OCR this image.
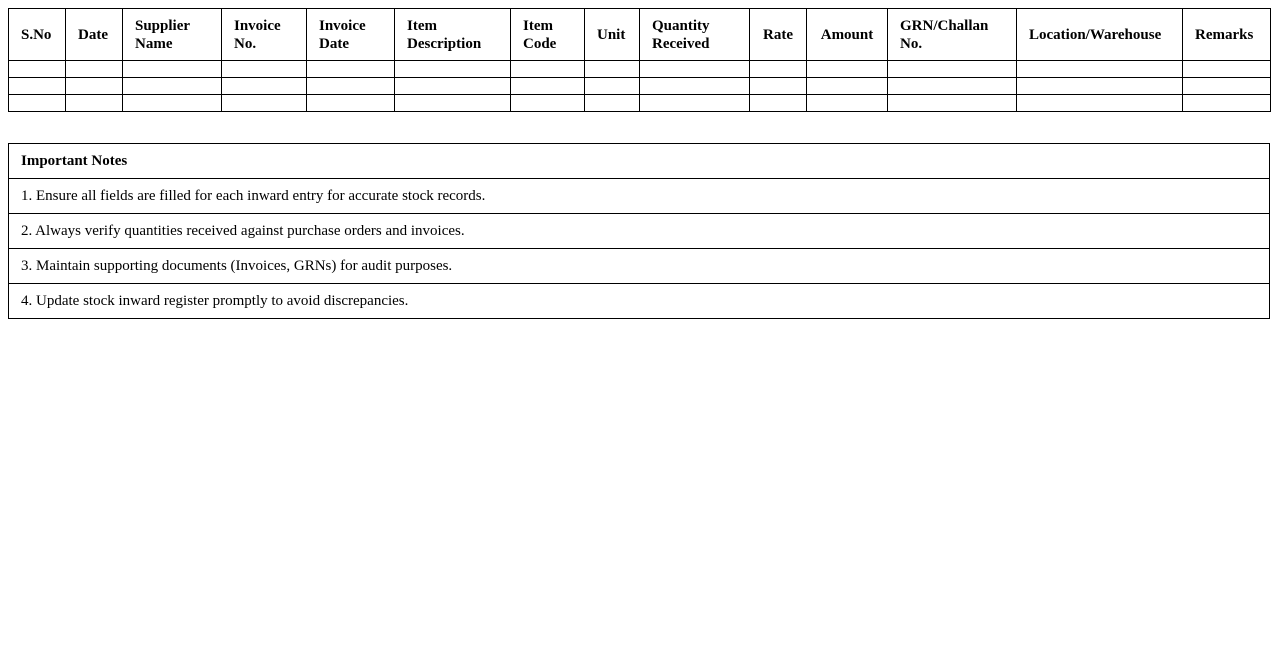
S.No	Date	Supplier Name	Invoice No.	Invoice Date	Item Description	Item Code	Unit	Quantity Received	Rate	Amount	GRN/Challan No.	Location/Warehouse	Remarks

Important Notes
1. Ensure all fields are filled for each inward entry for accurate stock records.
2. Always verify quantities received against purchase orders and invoices.
3. Maintain supporting documents (Invoices, GRNs) for audit purposes.
4. Update stock inward register promptly to avoid discrepancies.
